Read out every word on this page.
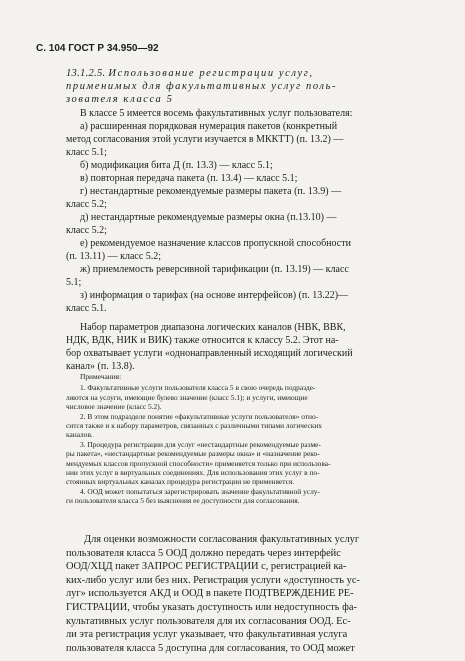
С. 104 ГОСТ Р 34.950—92
13.1.2.5. Использование регистрации услуг,
применимых для факультативных услуг поль-
зователя класса 5
В классе 5 имеется восемь факультативных услуг пользователя:
а) расширенная порядковая нумерация пакетов (конкретный
метод согласования этой услуги изучается в МККТТ) (п. 13.2) —
класс 5.1;
б) модификация бита Д (п. 13.3) — класс 5.1;
в) повторная передача пакета (п. 13.4) — класс 5.1;
г) нестандартные рекомендуемые размеры пакета (п. 13.9) —
класс 5.2;
д) нестандартные рекомендуемые размеры окна (п.13.10) —
класс 5.2;
е) рекомендуемое назначение классов пропускной способности
(п. 13.11) — класс 5.2;
ж) приемлемость реверсивной тарификации (п. 13.19) — класс
5.1;
з) информация о тарифах (на основе интерфейсов) (п. 13.22)—
класс 5.1.
Набор параметров диапазона логических каналов (НВК, ВВК,
НДК, ВДК, НИК и ВИК) также относится к классу 5.2. Этот на-
бор охватывает услуги «однонаправленный исходящий логический
канал» (п. 13.8).
Примечания:
1. Факультативные услуги пользователя класса 5 в свою очередь подразде-
ляются на услуги, имеющие булево значение (класс 5.1); и услуги, имеющие
числовое значение (класс 5.2).
2. В этом подразделе понятие «факультативные услуги пользователя» отно-
сится также и к набору параметров, связанных с различными типами логических
каналов.
3. Процедура регистрации для услуг «нестандартные рекомендуемые разме-
ры пакета», «нестандартные рекомендуемые размеры окна» и «назначение реко-
мендуемых классов пропускной способности» применяется только при использова-
нии этих услуг в виртуальных соединениях. Для использования этих услуг в по-
стоянных виртуальных каналах процедура регистрации не применяется.
4. ООД может попытаться зарегистрировать значение факультативной услу-
ги пользователя класса 5 без выяснения ее доступности для согласования.
Для оценки возможности согласования факультативных услуг
пользователя класса 5 ООД должно передать через интерфейс
ООД/ХЦД пакет ЗАПРОС РЕГИСТРАЦИИ с, регистрацией ка-
ких-либо услуг или без них. Регистрация услуги «доступность ус-
луг» используется АКД и ООД в пакете ПОДТВЕРЖДЕНИЕ РЕ-
ГИСТРАЦИИ, чтобы указать доступность или недоступность фа-
культативных услуг пользователя для их согласования ООД. Ес-
ли эта регистрация услуг указывает, что факультативная услуга
пользователя класса 5 доступна для согласования, то ООД может
